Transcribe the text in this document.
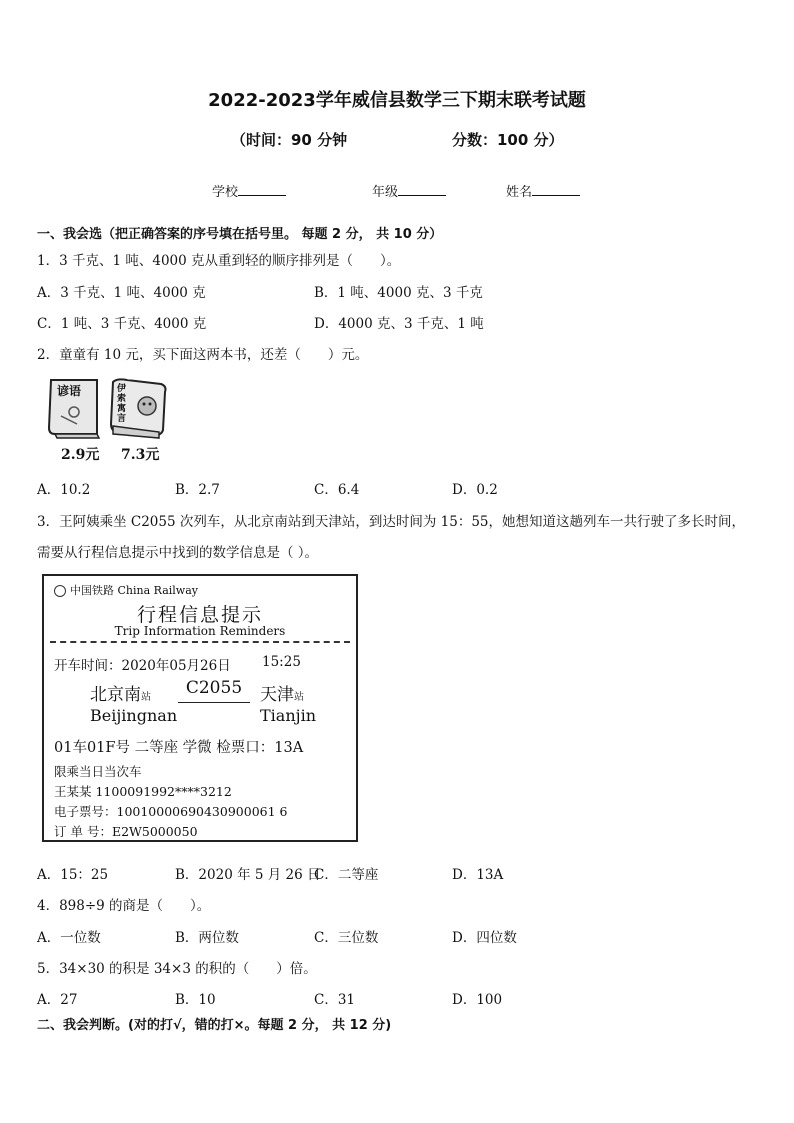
2022-2023学年威信县数学三下期末联考试题
（时间：90 分钟	分数：100 分）
学校	年级	姓名
一、我会选（把正确答案的序号填在括号里。 每题 2 分， 共 10 分）
1．3 千克、1 吨、4000 克从重到轻的顺序排列是（　　）。
A．3 千克、1 吨、4000 克	B．1 吨、4000 克、3 千克
C．1 吨、3 千克、4000 克	D．4000 克、3 千克、1 吨
2．童童有 10 元，买下面这两本书，还差（　　）元。
谚语	伊索寓言
2.9元 7.3元
A．10.2	B．2.7	C．6.4	D．0.2
3．王阿姨乘坐 C2055 次列车，从北京南站到天津站，到达时间为 15：55，她想知道这趟列车一共行驶了多长时间，
需要从行程信息提示中找到的数学信息是（ ）。
中国铁路 China Railway
行程信息提示
Trip Information Reminders
开车时间：2020年05月26日 15:25
北京南站	C2055	天津站
Beijingnan	Tianjin
01车01F号 二等座 学微 检票口：13A
限乘当日当次车
王某某 1100091992****3212
电子票号：10010000690430900061 6
订 单 号：E2W5000050
A．15：25	B．2020 年 5 月 26 日
C．二等座	D．13A
4．898÷9 的商是（　　）。
A．一位数	B．两位数	C．三位数	D．四位数
5．34×30 的积是 34×3 的积的（　　）倍。
A．27	B．10	C．31	D．100
二、我会判断。(对的打√，错的打×。每题 2 分， 共 12 分)
